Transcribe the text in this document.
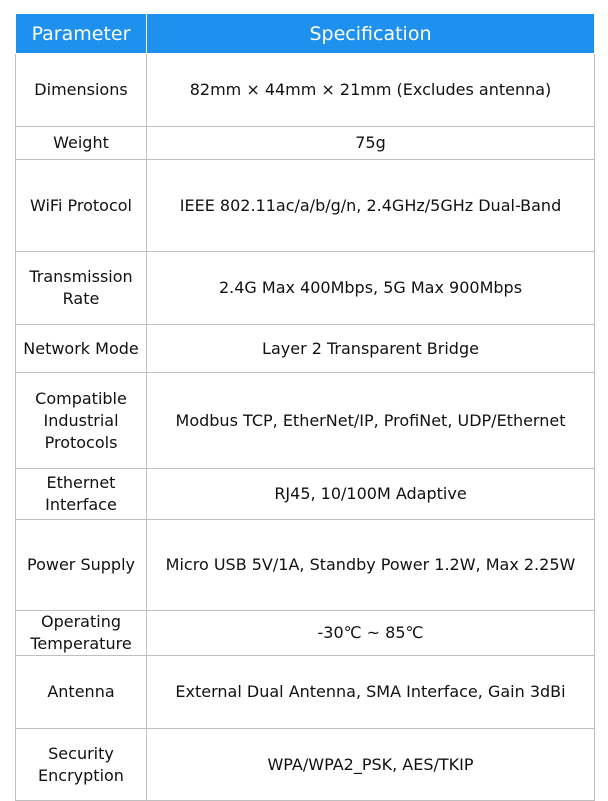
Parameter	Specification
Dimensions	82mm × 44mm × 21mm (Excludes antenna)
Weight	75g
WiFi Protocol	IEEE 802.11ac/a/b/g/n, 2.4GHz/5GHz Dual-Band
Transmission
Rate	2.4G Max 400Mbps, 5G Max 900Mbps
Network Mode	Layer 2 Transparent Bridge
Compatible
Industrial
Protocols	Modbus TCP, EtherNet/IP, ProfiNet, UDP/Ethernet
Ethernet
Interface	RJ45, 10/100M Adaptive
Power Supply	Micro USB 5V/1A, Standby Power 1.2W, Max 2.25W
Operating
Temperature	-30℃ ~ 85℃
Antenna	External Dual Antenna, SMA Interface, Gain 3dBi
Security
Encryption	WPA/WPA2_PSK, AES/TKIP
